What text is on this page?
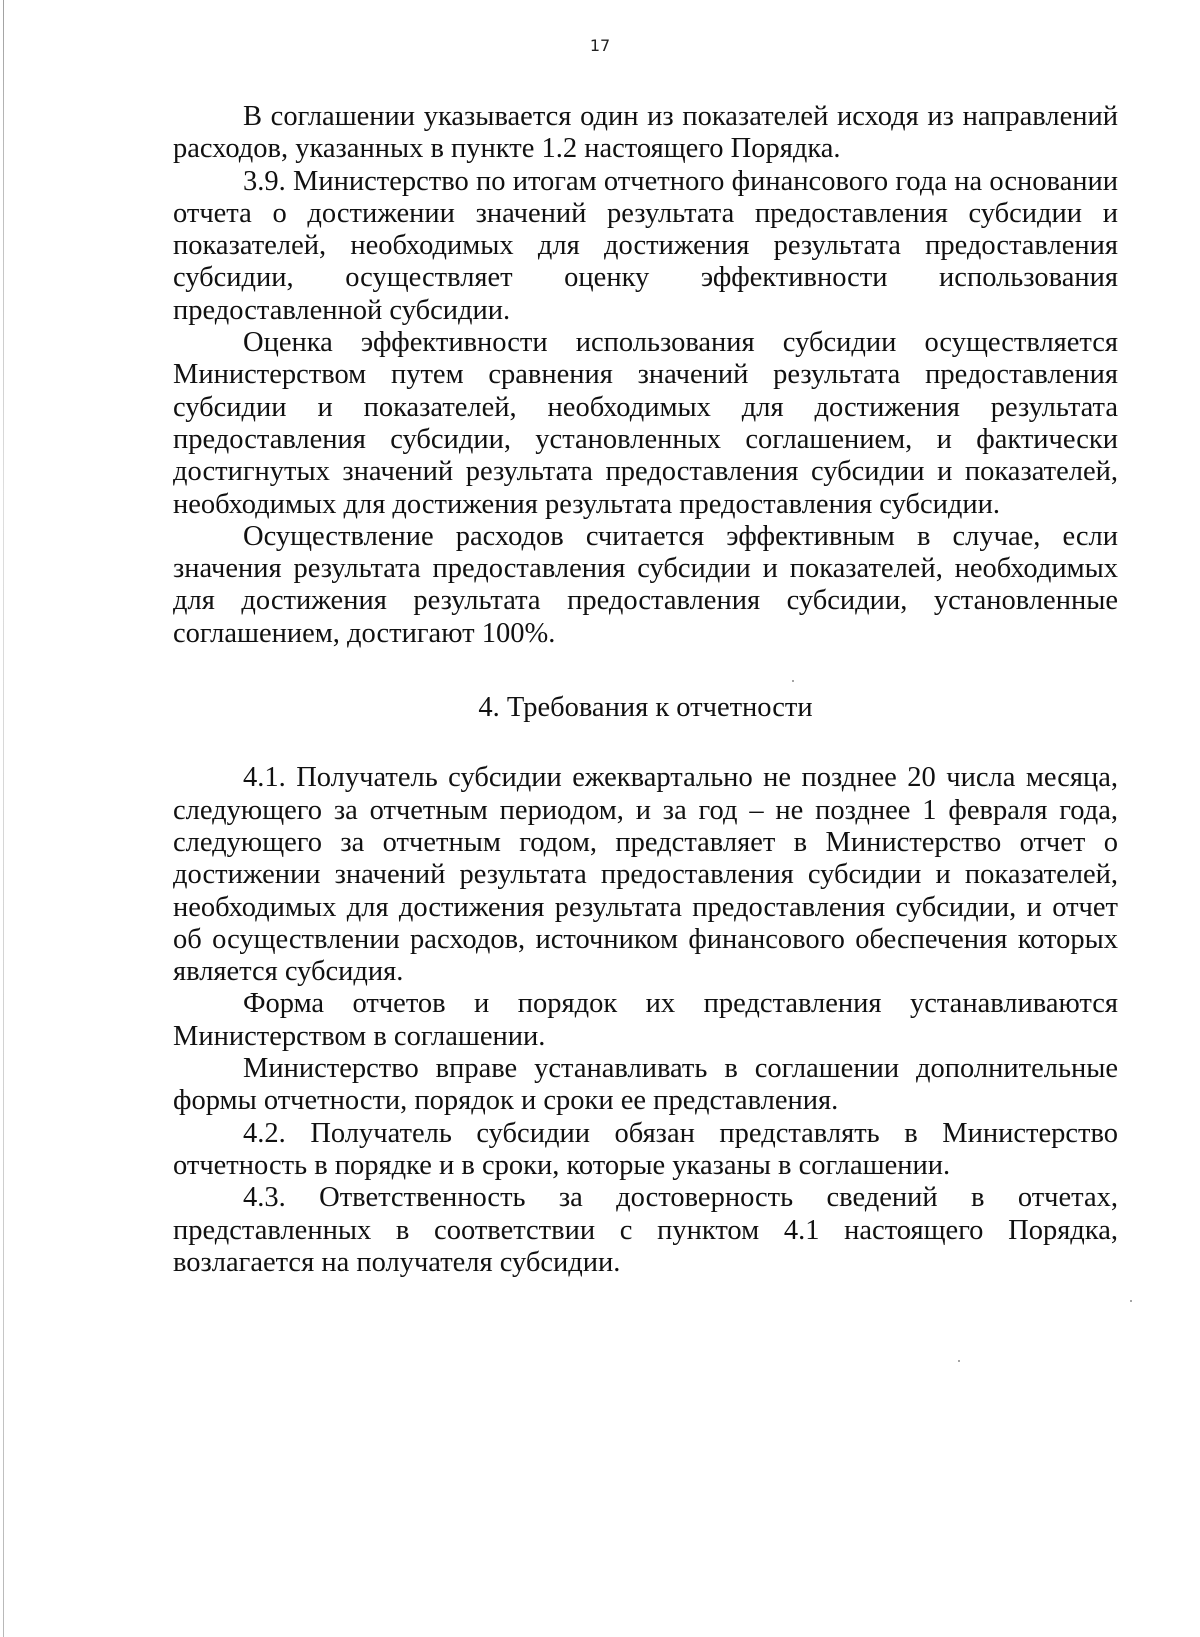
17

В соглашении указывается один из показателей исходя из направлений расходов, указанных в пункте 1.2 настоящего Порядка.

3.9. Министерство по итогам отчетного финансового года на основании отчета о достижении значений результата предоставления субсидии и показателей, необходимых для достижения результата предоставления субсидии, осуществляет оценку эффективности использования предоставленной субсидии.

Оценка эффективности использования субсидии осуществляется Министерством путем сравнения значений результата предоставления субсидии и показателей, необходимых для достижения результата предоставления субсидии, установленных соглашением, и фактически достигнутых значений результата предоставления субсидии и показателей, необходимых для достижения результата предоставления субсидии.

Осуществление расходов считается эффективным в случае, если значения результата предоставления субсидии и показателей, необходимых для достижения результата предоставления субсидии, установленные соглашением, достигают 100%.

4. Требования к отчетности

4.1. Получатель субсидии ежеквартально не позднее 20 числа месяца, следующего за отчетным периодом, и за год – не позднее 1 февраля года, следующего за отчетным годом, представляет в Министерство отчет о достижении значений результата предоставления субсидии и показателей, необходимых для достижения результата предоставления субсидии, и отчет об осуществлении расходов, источником финансового обеспечения которых является субсидия.

Форма отчетов и порядок их представления устанавливаются Министерством в соглашении.

Министерство вправе устанавливать в соглашении дополнительные формы отчетности, порядок и сроки ее представления.

4.2. Получатель субсидии обязан представлять в Министерство отчетность в порядке и в сроки, которые указаны в соглашении.

4.3. Ответственность за достоверность сведений в отчетах, представленных в соответствии с пунктом 4.1 настоящего Порядка, возлагается на получателя субсидии.
